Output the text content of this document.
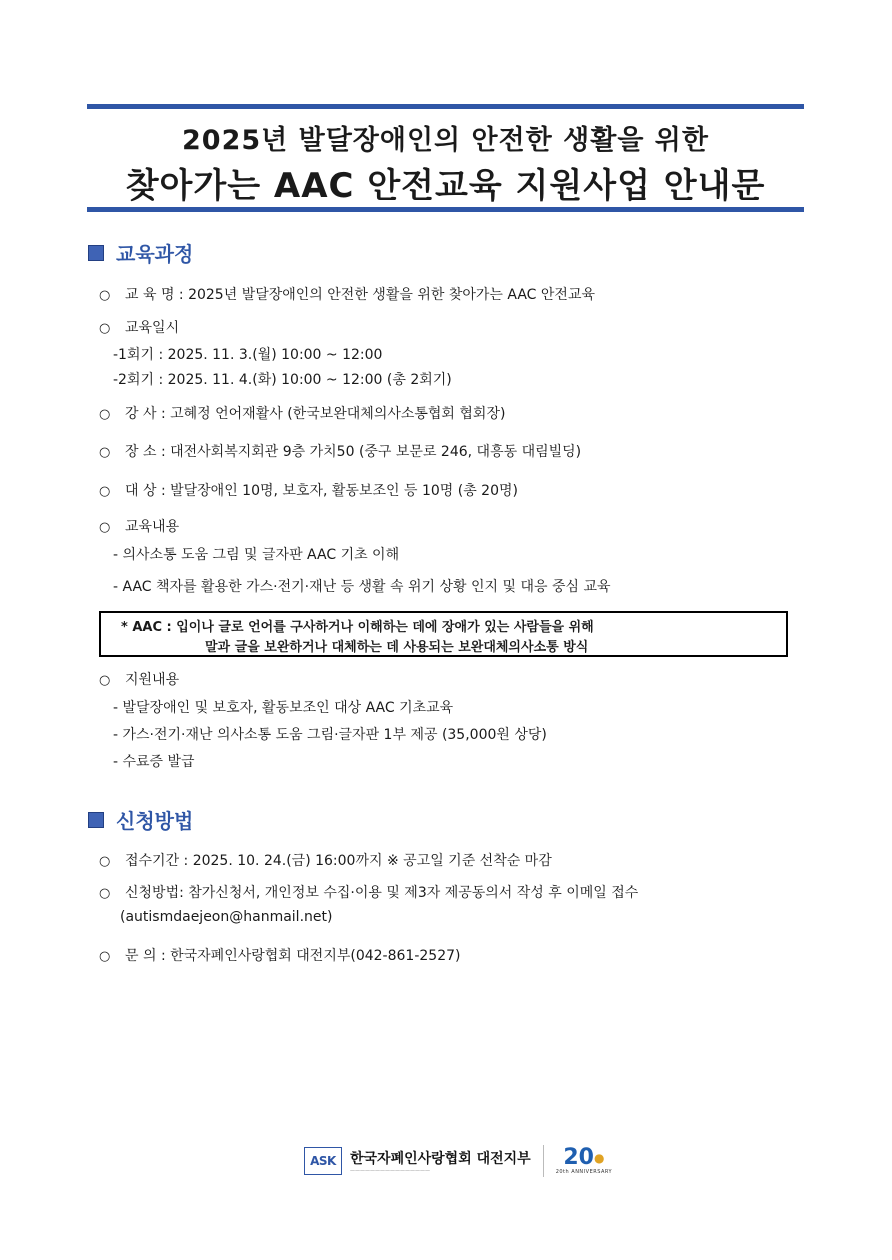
2025년 발달장애인의 안전한 생활을 위한
찾아가는 AAC 안전교육 지원사업 안내문
교육과정
○ 교 육 명 : 2025년 발달장애인의 안전한 생활을 위한 찾아가는 AAC 안전교육
○ 교육일시
-1회기 : 2025. 11. 3.(월) 10:00 ~ 12:00
-2회기 : 2025. 11. 4.(화) 10:00 ~ 12:00 (총 2회기)
○ 강 사 : 고혜정 언어재활사 (한국보완대체의사소통협회 협회장)
○ 장 소 : 대전사회복지회관 9층 가치50 (중구 보문로 246, 대흥동 대림빌딩)
○ 대 상 : 발달장애인 10명, 보호자, 활동보조인 등 10명 (총 20명)
○ 교육내용
- 의사소통 도움 그림 및 글자판 AAC 기초 이해
- AAC 책자를 활용한 가스·전기·재난 등 생활 속 위기 상황 인지 및 대응 중심 교육
* AAC : 입이나 글로 언어를 구사하거나 이해하는 데에 장애가 있는 사람들을 위해
말과 글을 보완하거나 대체하는 데 사용되는 보완대체의사소통 방식
○ 지원내용
- 발달장애인 및 보호자, 활동보조인 대상 AAC 기초교육
- 가스·전기·재난 의사소통 도움 그림·글자판 1부 제공 (35,000원 상당)
- 수료증 발급
신청방법
○ 접수기간 : 2025. 10. 24.(금) 16:00까지 ※ 공고일 기준 선착순 마감
○ 신청방법: 참가신청서, 개인정보 수집·이용 및 제3자 제공동의서 작성 후 이메일 접수
(autismdaejeon@hanmail.net)
○ 문 의 : 한국자폐인사랑협회 대전지부(042-861-2527)
ASK	한국자폐인사랑협회 대전지부
————————————————
20●
20th ANNIVERSARY
